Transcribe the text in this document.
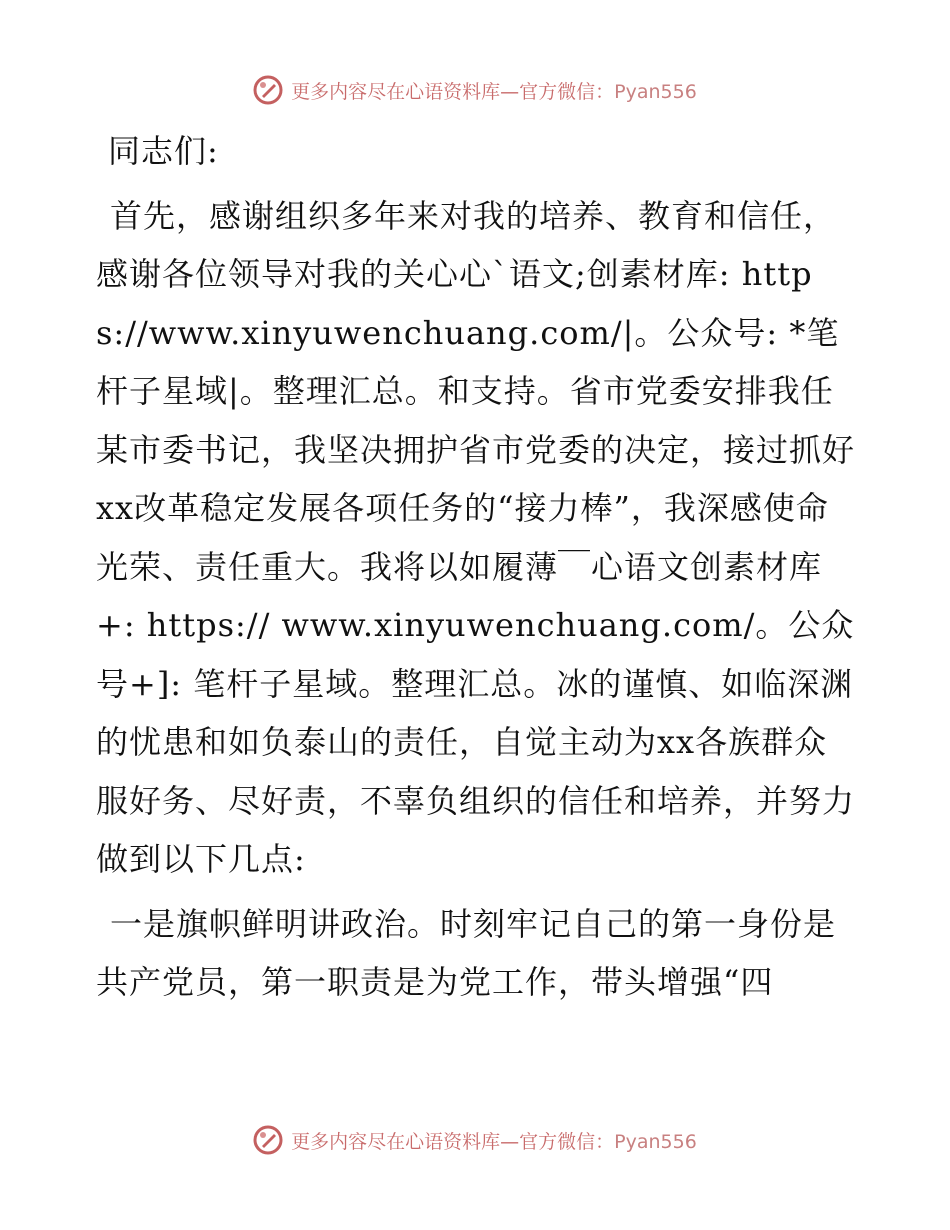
更多内容尽在心语资料库—官方微信：Pyan556

同志们:

首先，感谢组织多年来对我的培养、教育和信任，感谢各位领导对我的关心心`语文;创素材库: https://www.xinyuwenchuang.com/|。公众号: *笔杆子星域|。整理汇总。和支持。省市党委安排我任某市委书记，我坚决拥护省市党委的决定，接过抓好xx改革稳定发展各项任务的“接力棒”，我深感使命光荣、责任重大。我将以如履薄￣心语文创素材库+: https:// www.xinyuwenchuang.com/。公众号+]: 笔杆子星域。整理汇总。冰的谨慎、如临深渊的忧患和如负泰山的责任，自觉主动为xx各族群众服好务、尽好责，不辜负组织的信任和培养，并努力做到以下几点:

一是旗帜鲜明讲政治。时刻牢记自己的第一身份是共产党员，第一职责是为党工作，带头增强“四

更多内容尽在心语资料库—官方微信：Pyan556
